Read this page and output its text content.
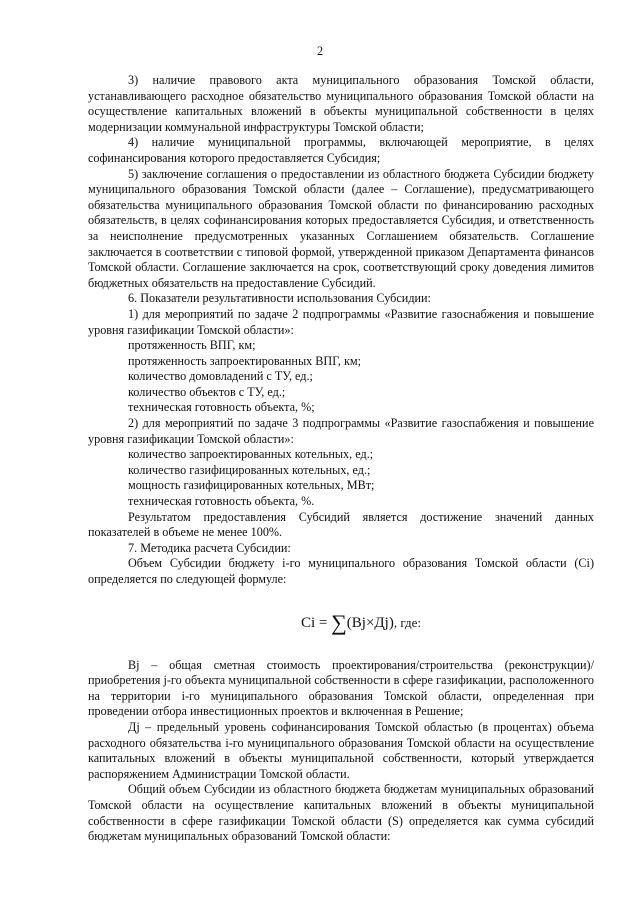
2

3) наличие правового акта муниципального образования Томской области, устанавливающего расходное обязательство муниципального образования Томской области на осуществление капитальных вложений в объекты муниципальной собственности в целях модернизации коммунальной инфраструктуры Томской области;

4) наличие муниципальной программы, включающей мероприятие, в целях софинансирования которого предоставляется Субсидия;

5) заключение соглашения о предоставлении из областного бюджета Субсидии бюджету муниципального образования Томской области (далее – Соглашение), предусматривающего обязательства муниципального образования Томской области по финансированию расходных обязательств, в целях софинансирования которых предоставляется Субсидия, и ответственность за неисполнение предусмотренных указанных Соглашением обязательств. Соглашение заключается в соответствии с типовой формой, утвержденной приказом Департамента финансов Томской области. Соглашение заключается на срок, соответствующий сроку доведения лимитов бюджетных обязательств на предоставление Субсидий.

6. Показатели результативности использования Субсидии:

1) для мероприятий по задаче 2 подпрограммы «Развитие газоснабжения и повышение уровня газификации Томской области»:

протяженность ВПГ, км;

протяженность запроектированных ВПГ, км;

количество домовладений с ТУ, ед.;

количество объектов с ТУ, ед.;

техническая готовность объекта, %;

2) для мероприятий по задаче 3 подпрограммы «Развитие газоспабжения и повышение уровня газификации Томской области»:

количество запроектированных котельных, ед.;

количество газифицированных котельных, ед.;

мощность газифицированных котельных, МВт;

техническая готовность объекта, %.

Результатом предоставления Субсидий является достижение значений данных показателей в объеме не менее 100%.

7. Методика расчета Субсидии:

Объем Субсидии бюджету i-го муниципального образования Томской области (Ci) определяется по следующей формуле:

Ci = ∑(Bj×Дj), где:

Bj – общая сметная стоимость проектирования/строительства (реконструкции)/приобретения j-го объекта муниципальной собственности в сфере газификации, расположенного на территории i-го муниципального образования Томской области, определенная при проведении отбора инвестиционных проектов и включенная в Решение;

Дj – предельный уровень софинансирования Томской областью (в процентах) объема расходного обязательства i-го муниципального образования Томской области на осуществление капитальных вложений в объекты муниципальной собственности, который утверждается распоряжением Администрации Томской области.

Общий объем Субсидии из областного бюджета бюджетам муниципальных образований Томской области на осуществление капитальных вложений в объекты муниципальной собственности в сфере газификации Томской области (S) определяется как сумма субсидий бюджетам муниципальных образований Томской области:
